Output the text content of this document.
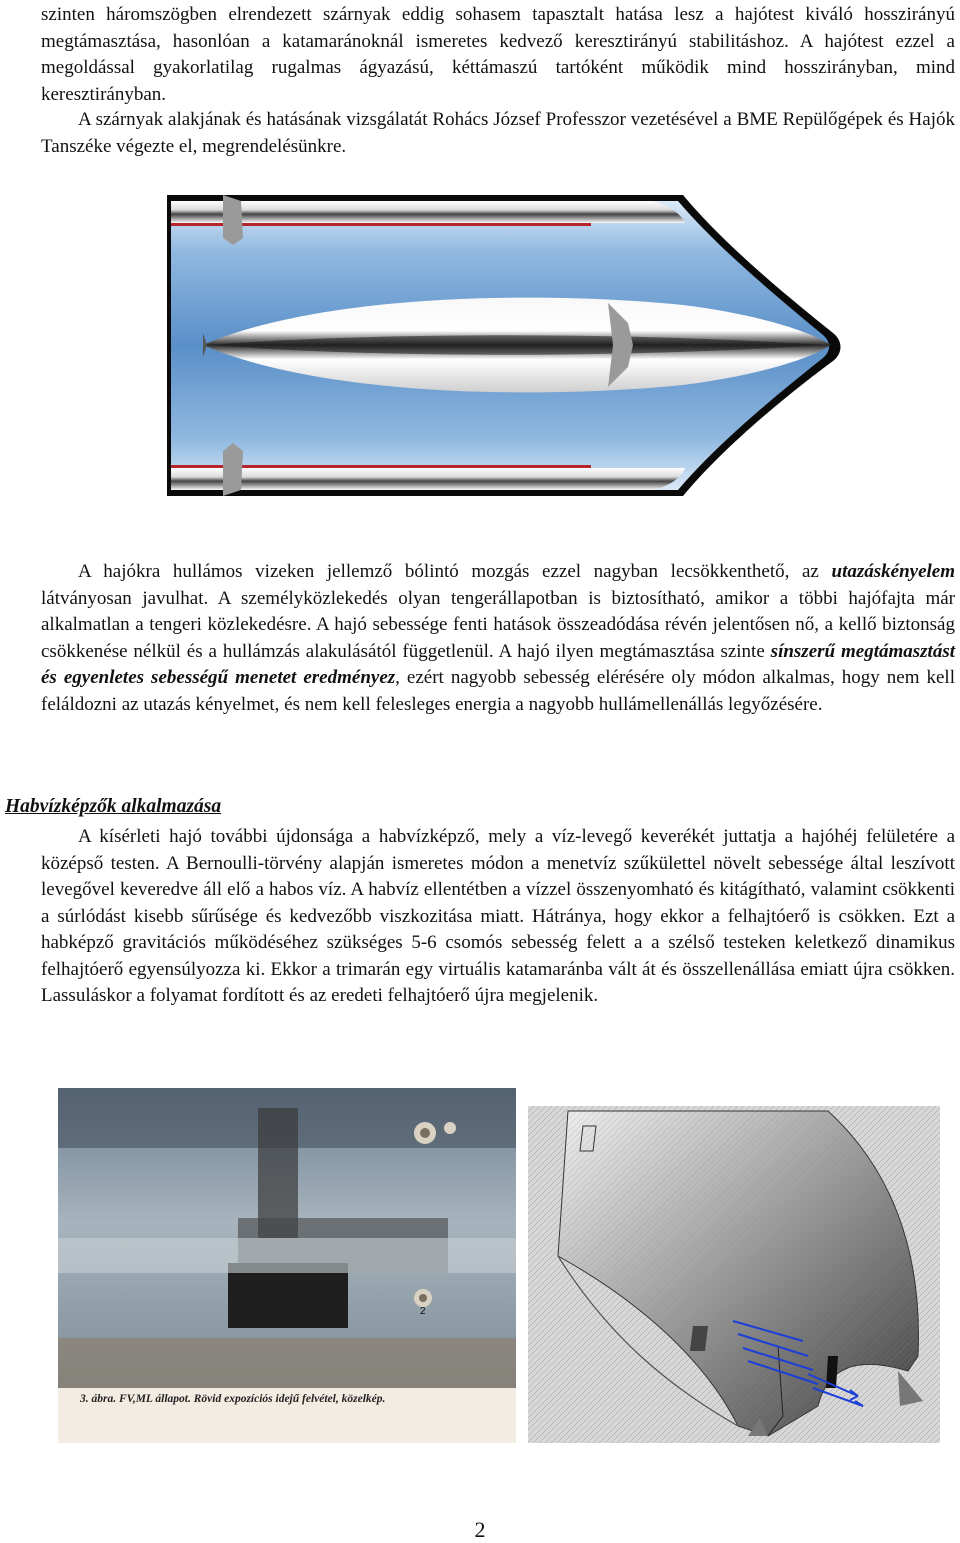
szinten háromszögben elrendezett szárnyak eddig sohasem tapasztalt hatása lesz a hajótest kiváló hosszirányú megtámasztása, hasonlóan a katamaránoknál ismeretes kedvező keresztirányú stabilitáshoz. A hajótest ezzel a megoldással gyakorlatilag rugalmas ágyazású, kéttámaszú tartóként működik mind hosszirányban, mind keresztirányban.

A szárnyak alakjának és hatásának vizsgálatát Rohács József Professzor vezetésével a BME Repülőgépek és Hajók Tanszéke végezte el, megrendelésünkre.

A hajókra hullámos vizeken jellemző bólintó mozgás ezzel nagyban lecsökkenthető, az utazáskényelem látványosan javulhat. A személyközlekedés olyan tengerállapotban is biztosítható, amikor a többi hajófajta már alkalmatlan a tengeri közlekedésre. A hajó sebessége fenti hatások összeadódása révén jelentősen nő, a kellő biztonság csökkenése nélkül és a hullámzás alakulásától függetlenül. A hajó ilyen megtámasztása szinte sínszerű megtámasztást és egyenletes sebességű menetet eredményez, ezért nagyobb sebesség elérésére oly módon alkalmas, hogy nem kell feláldozni az utazás kényelmet, és nem kell felesleges energia a nagyobb hullámellenállás legyőzésére.

Habvízképzők alkalmazása

A kísérleti hajó további újdonsága a habvízképző, mely a víz-levegő keverékét juttatja a hajóhéj felületére a középső testen. A Bernoulli-törvény alapján ismeretes módon a menetvíz szűkülettel növelt sebessége által leszívott levegővel keveredve áll elő a habos víz. A habvíz ellentétben a vízzel összenyomható és kitágítható, valamint csökkenti a súrlódást kisebb sűrűsége és kedvezőbb viszkozitása miatt. Hátránya, hogy ekkor a felhajtóerő is csökken. Ezt a habképző gravitációs működéséhez szükséges 5-6 csomós sebesség felett a a szélső testeken keletkező dinamikus felhajtóerő egyensúlyozza ki. Ekkor a trimarán egy virtuális katamaránba vált át és összellenállása emiatt újra csökken. Lassuláskor a folyamat fordított és az eredeti felhajtóerő újra megjelenik.

2
3. ábra. FV,ML állapot. Rövid expozíciós idejű felvétel, közelkép.
2
